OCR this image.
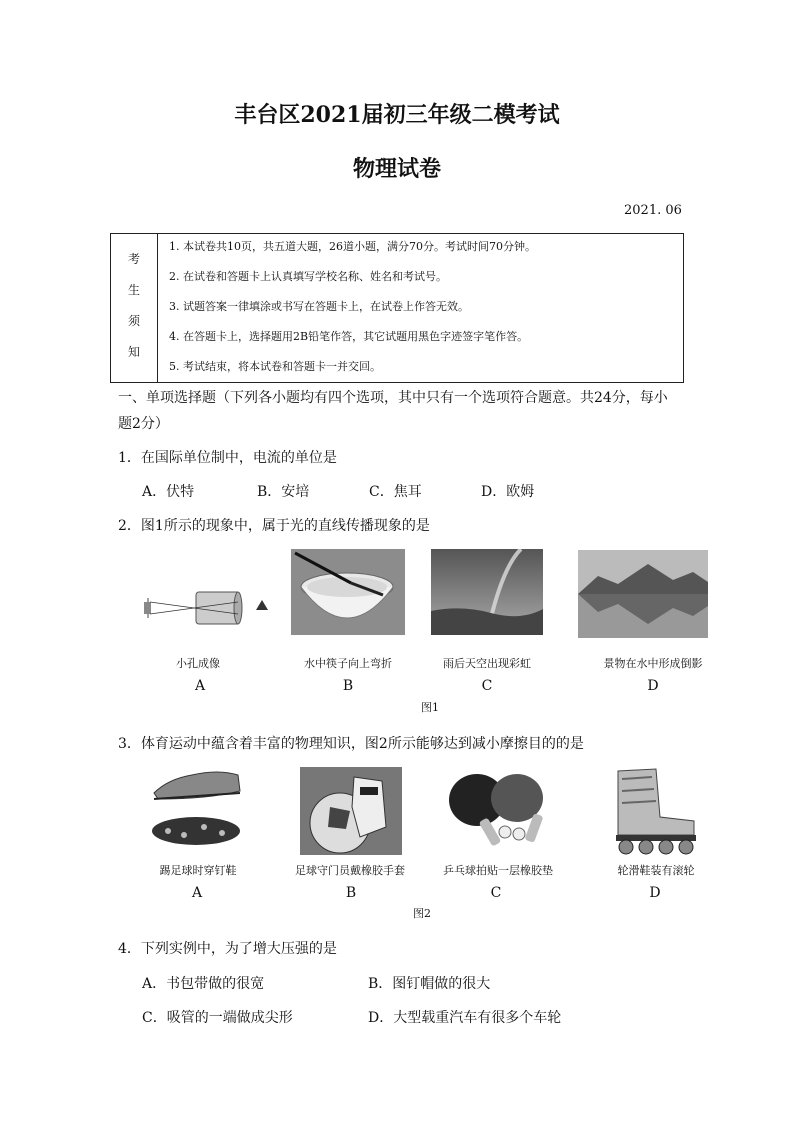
丰台区2021届初三年级二模考试
物理试卷
2021. 06
考
生
须
知
1. 本试卷共10页，共五道大题，26道小题，满分70分。考试时间70分钟。
2. 在试卷和答题卡上认真填写学校名称、姓名和考试号。
3. 试题答案一律填涂或书写在答题卡上，在试卷上作答无效。
4. 在答题卡上，选择题用2B铅笔作答，其它试题用黑色字迹签字笔作答。
5. 考试结束，将本试卷和答题卡一并交回。
一、单项选择题（下列各小题均有四个选项，其中只有一个选项符合题意。共24分，每小
题2分）
1．在国际单位制中，电流的单位是
A．伏特	B．安培	C．焦耳	D．欧姆
2．图1所示的现象中，属于光的直线传播现象的是
小孔成像	水中筷子向上弯折	雨后天空出现彩虹	景物在水中形成倒影
A	B	C	D
图1
3．体育运动中蕴含着丰富的物理知识，图2所示能够达到减小摩擦目的的是
踢足球时穿钉鞋	足球守门员戴橡胶手套	乒乓球拍贴一层橡胶垫	轮滑鞋装有滚轮
A	B	C	D
图2
4．下列实例中，为了增大压强的是
A．书包带做的很宽	B．图钉帽做的很大
C．吸管的一端做成尖形	D．大型载重汽车有很多个车轮
